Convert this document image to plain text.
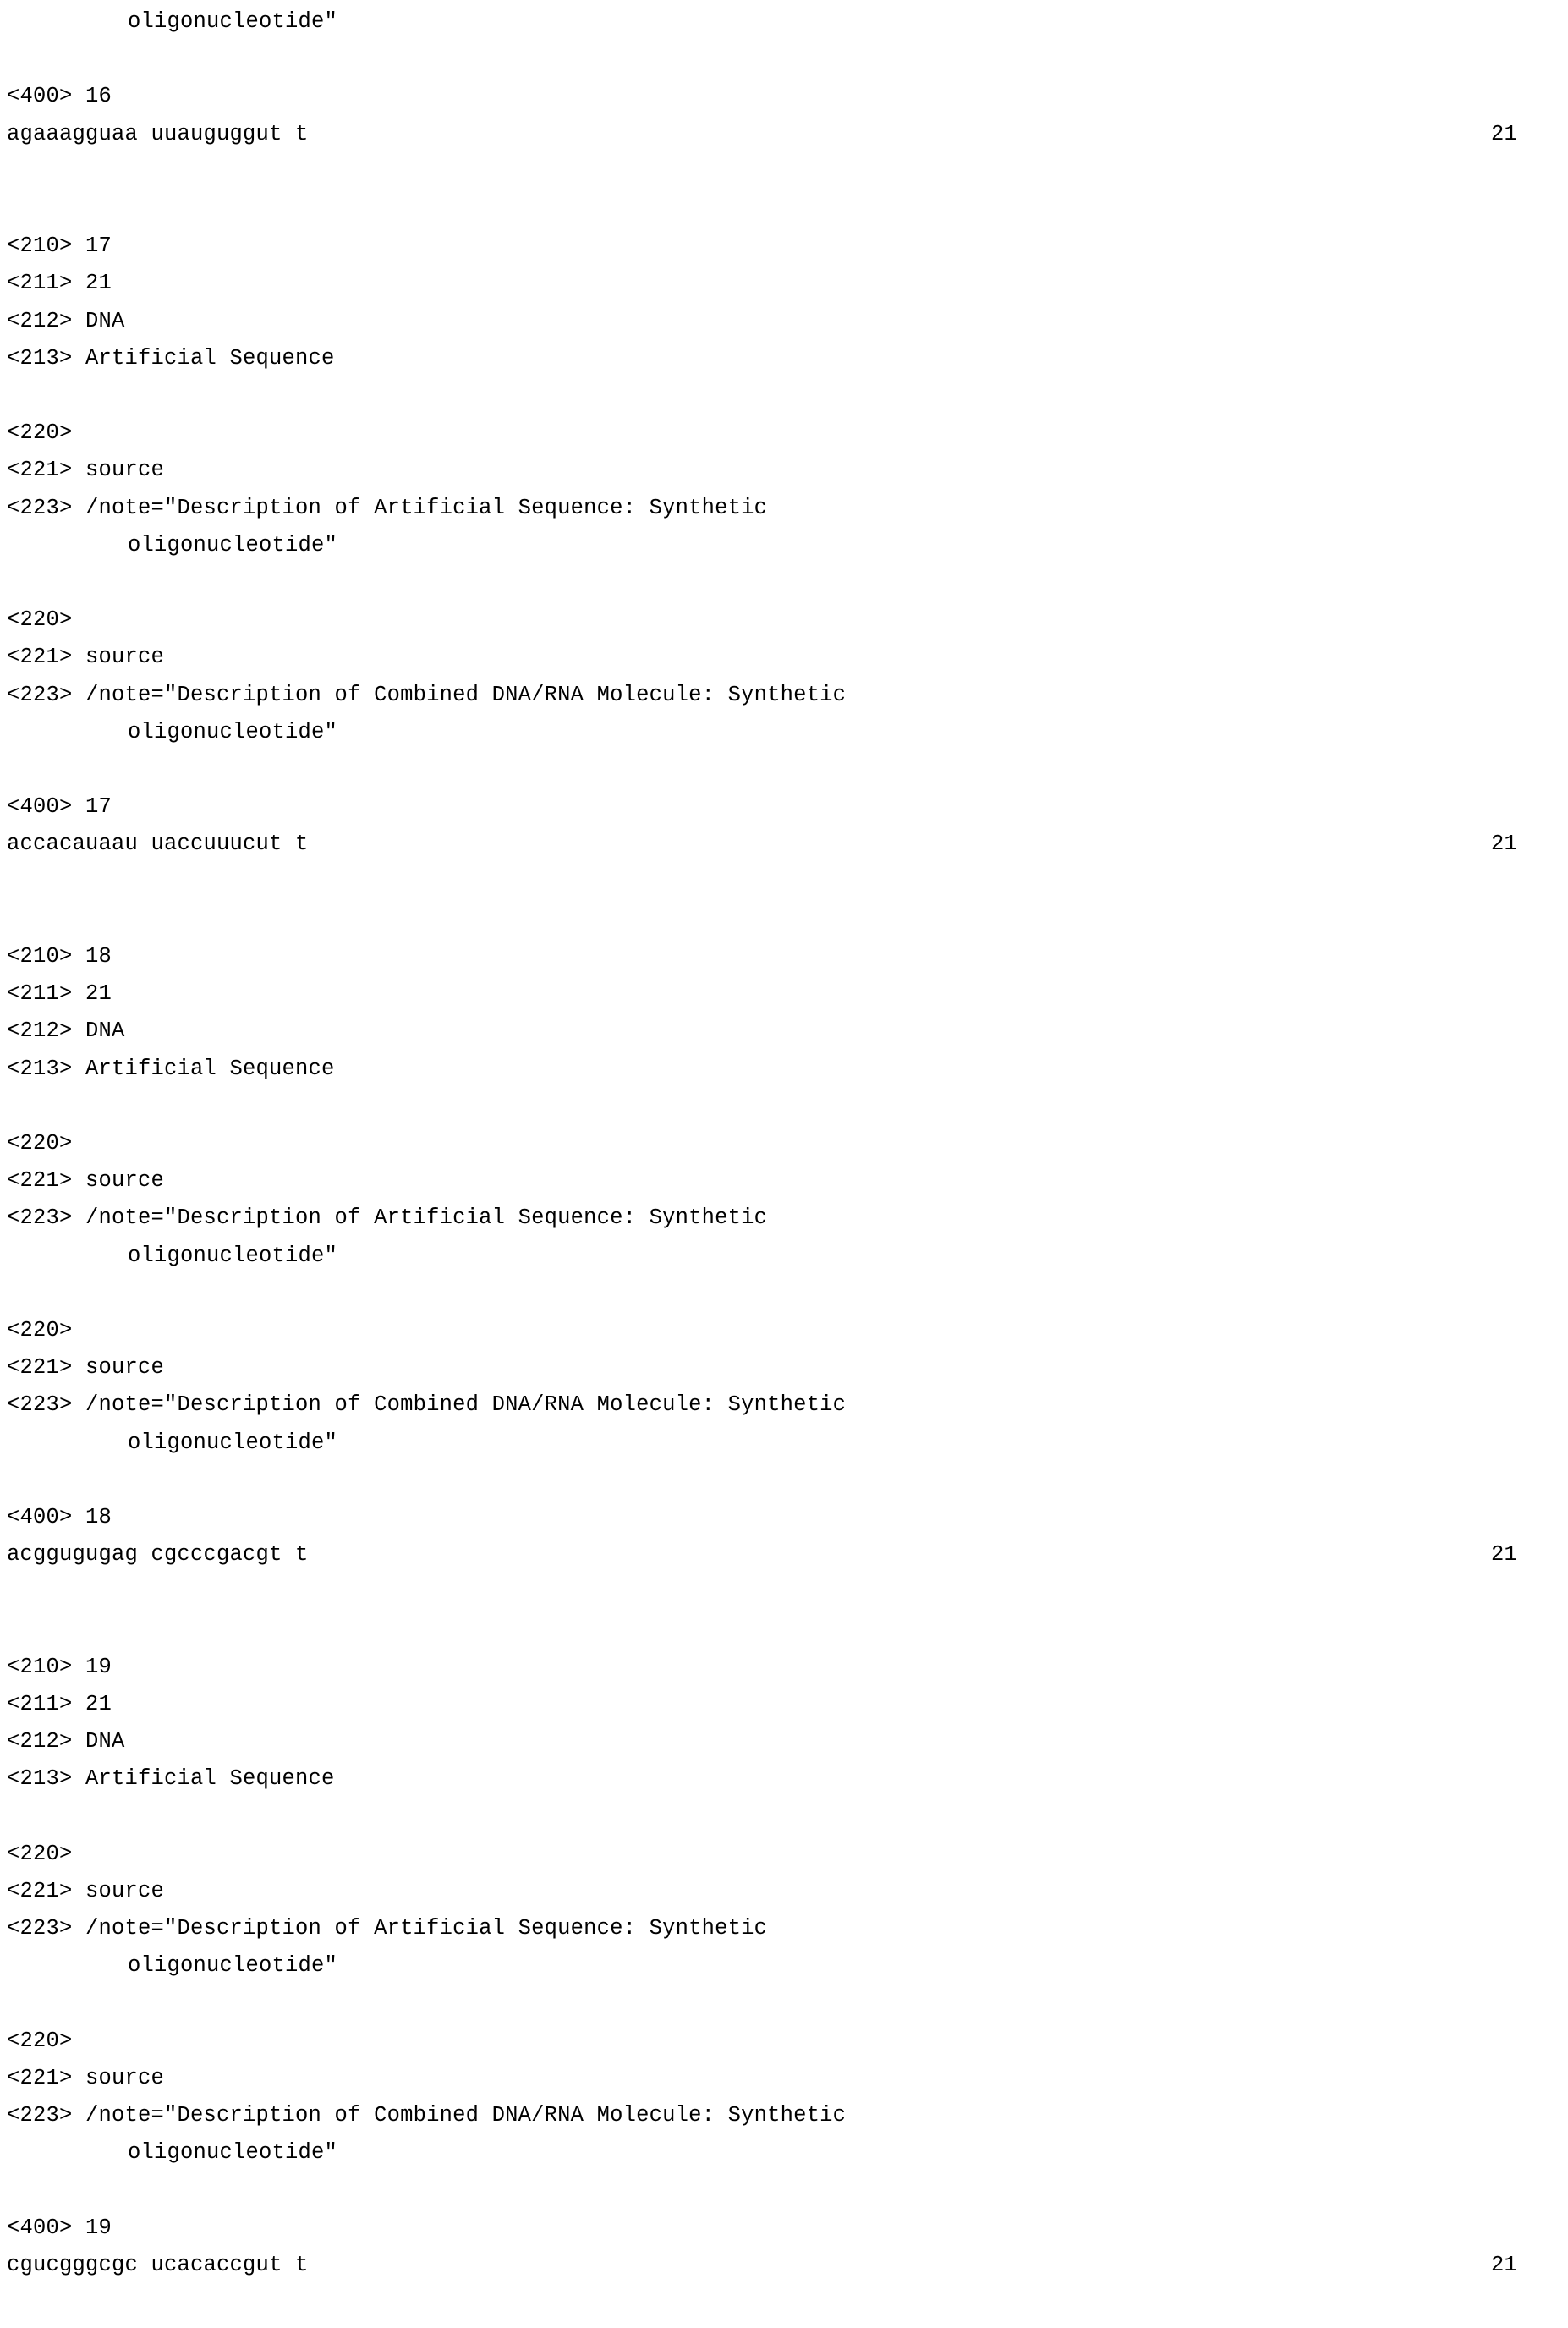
oligonucleotide"
<400> 16
agaaagguaa uuauguggut t	21
<210> 17
<211> 21
<212> DNA
<213> Artificial Sequence
<220>
<221> source
<223> /note="Description of Artificial Sequence: Synthetic
oligonucleotide"
<220>
<221> source
<223> /note="Description of Combined DNA/RNA Molecule: Synthetic
oligonucleotide"
<400> 17
accacauaau uaccuuucut t	21
<210> 18
<211> 21
<212> DNA
<213> Artificial Sequence
<220>
<221> source
<223> /note="Description of Artificial Sequence: Synthetic
oligonucleotide"
<220>
<221> source
<223> /note="Description of Combined DNA/RNA Molecule: Synthetic
oligonucleotide"
<400> 18
acggugugag cgcccgacgt t	21
<210> 19
<211> 21
<212> DNA
<213> Artificial Sequence
<220>
<221> source
<223> /note="Description of Artificial Sequence: Synthetic
oligonucleotide"
<220>
<221> source
<223> /note="Description of Combined DNA/RNA Molecule: Synthetic
oligonucleotide"
<400> 19
cgucgggcgc ucacaccgut t	21
